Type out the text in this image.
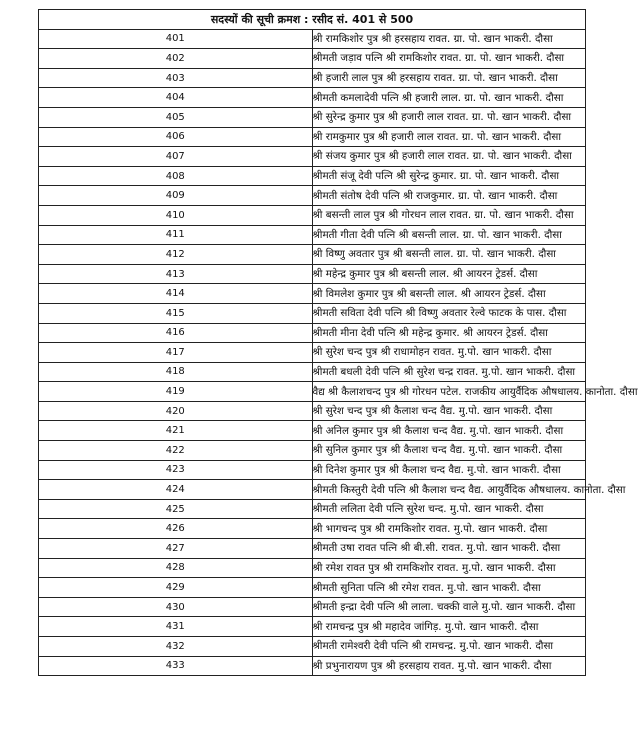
सदस्यों की सूची क्रमश : रसीद सं. 401 से 500	
401	श्री रामकिशोर पुत्र श्री हरसहाय रावत. ग्रा. पो. खान भाकरी. दौसा
402	श्रीमती जड़ाव पत्नि श्री रामकिशोर रावत. ग्रा. पो. खान भाकरी. दौसा
403	श्री हजारी लाल पुत्र श्री हरसहाय रावत. ग्रा. पो. खान भाकरी. दौसा
404	श्रीमती कमलादेवी पत्नि श्री हजारी लाल. ग्रा. पो. खान भाकरी. दौसा
405	श्री सुरेन्द्र कुमार पुत्र श्री हजारी लाल रावत. ग्रा. पो. खान भाकरी. दौसा
406	श्री रामकुमार पुत्र श्री हजारी लाल रावत. ग्रा. पो. खान भाकरी. दौसा
407	श्री संजय कुमार पुत्र श्री हजारी लाल रावत. ग्रा. पो. खान भाकरी. दौसा
408	श्रीमती संजू देवी पत्नि श्री सुरेन्द्र कुमार. ग्रा. पो. खान भाकरी. दौसा
409	श्रीमती संतोष देवी पत्नि श्री राजकुमार. ग्रा. पो. खान भाकरी. दौसा
410	श्री बसन्ती लाल पुत्र श्री गोरधन लाल रावत. ग्रा. पो. खान भाकरी. दौसा
411	श्रीमती गीता देवी पत्नि श्री बसन्ती लाल. ग्रा. पो. खान भाकरी. दौसा
412	श्री विष्णु अवतार पुत्र श्री बसन्ती लाल. ग्रा. पो. खान भाकरी. दौसा
413	श्री महेन्द्र कुमार पुत्र श्री बसन्ती लाल. श्री आयरन ट्रेडर्स. दौसा
414	श्री विमलेश कुमार पुत्र श्री बसन्ती लाल. श्री आयरन ट्रेडर्स. दौसा
415	श्रीमती सविता देवी पत्नि श्री विष्णु अवतार रेल्वे फाटक के पास. दौसा
416	श्रीमती मीना देवी पत्नि श्री महेन्द्र कुमार. श्री आयरन ट्रेडर्स. दौसा
417	श्री सुरेश चन्द पुत्र श्री राधामोहन रावत. मु.पो. खान भाकरी. दौसा
418	श्रीमती बधली देवी पत्नि श्री सुरेश चन्द्र रावत. मु.पो. खान भाकरी. दौसा
419	वैद्य श्री कैलाशचन्द पुत्र श्री गोरधन पटेल. राजकीय आयुर्वैदिक औषधालय. कानोता. दौसा
420	श्री सुरेश चन्द पुत्र श्री कैलाश चन्द वैद्य. मु.पो. खान भाकरी. दौसा
421	श्री अनिल कुमार पुत्र श्री कैलाश चन्द वैद्य. मु.पो. खान भाकरी. दौसा
422	श्री सुनिल कुमार पुत्र श्री कैलाश चन्द वैद्य. मु.पो. खान भाकरी. दौसा
423	श्री दिनेश कुमार पुत्र श्री कैलाश चन्द वैद्य. मु.पो. खान भाकरी. दौसा
424	श्रीमती किस्तुरी देवी पत्नि श्री कैलाश चन्द वैद्य. आयुर्वैदिक औषधालय. कानोता. दौसा
425	श्रीमती ललिता देवी पत्नि सुरेश चन्द. मु.पो. खान भाकरी. दौसा
426	श्री भागचन्द पुत्र श्री रामकिशोर रावत. मु.पो. खान भाकरी. दौसा
427	श्रीमती उषा रावत पत्नि श्री बी.सी. रावत. मु.पो. खान भाकरी. दौसा
428	श्री रमेश रावत पुत्र श्री रामकिशोर रावत. मु.पो. खान भाकरी. दौसा
429	श्रीमती सुनिता पत्नि श्री रमेश रावत. मु.पो. खान भाकरी. दौसा
430	श्रीमती इन्द्रा देवी पत्नि श्री लाला. चक्की वाले मु.पो. खान भाकरी. दौसा
431	श्री रामचन्द्र पुत्र श्री महादेव जांगिड़. मु.पो. खान भाकरी. दौसा
432	श्रीमती रामेश्वरी देवी पत्नि श्री रामचन्द्र. मु.पो. खान भाकरी. दौसा
433	श्री प्रभुनारायण पुत्र श्री हरसहाय रावत. मु.पो. खान भाकरी. दौसा
